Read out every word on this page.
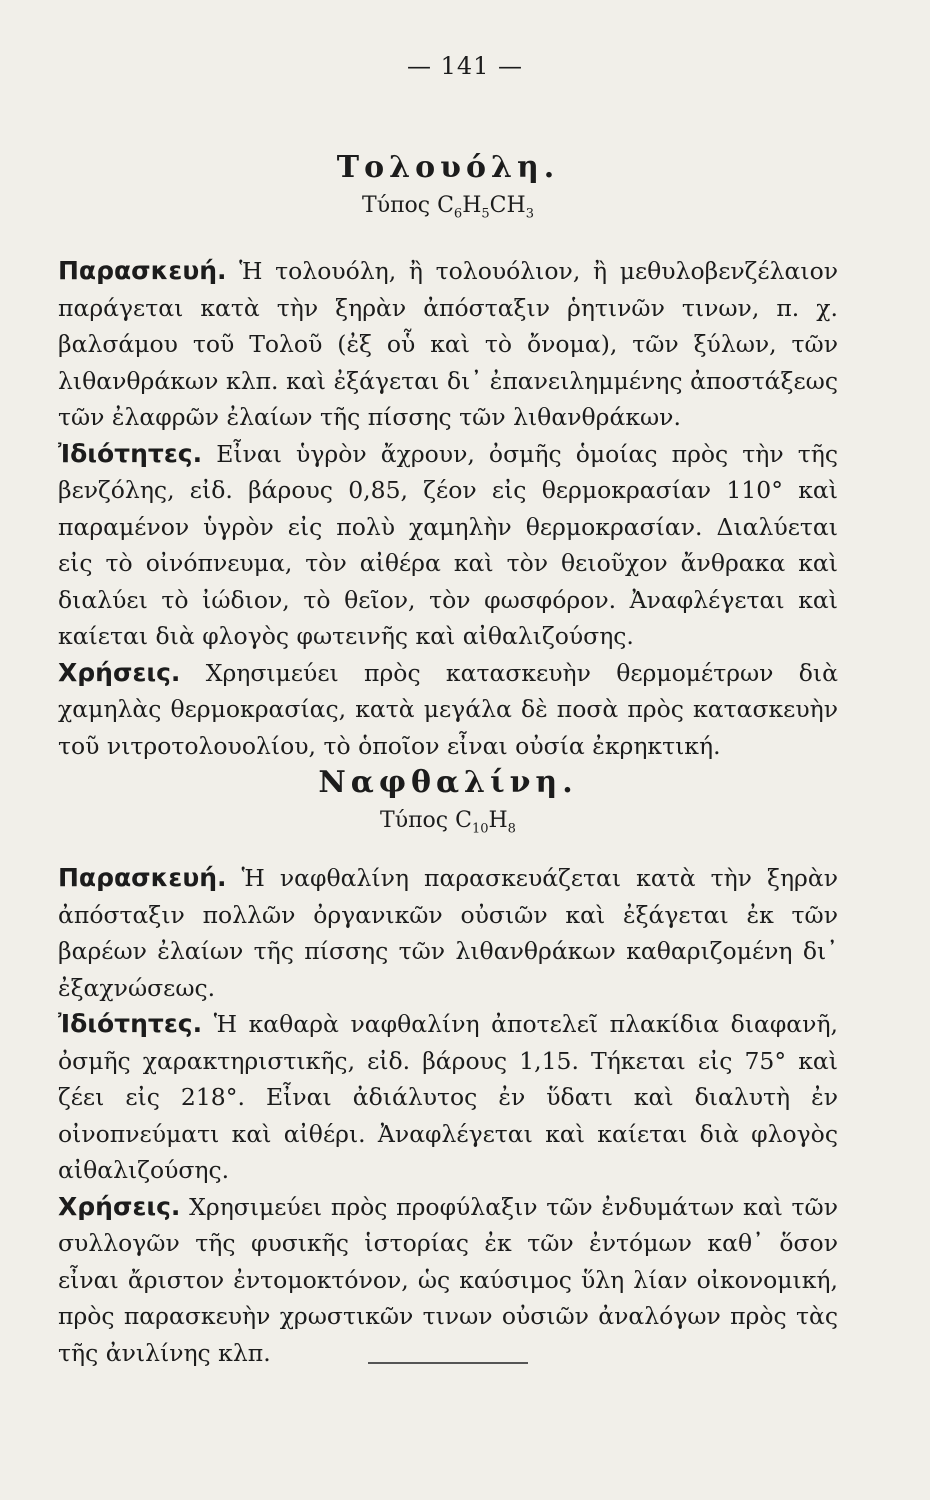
— 141 —
Τολουόλη.
Τύπος $C_6H_5CH_3$

Παρασκευή. Ἡ τολουόλη, ἢ τολουόλιον, ἢ μεθυλοβενζέλαιον παράγεται κατὰ τὴν ξηρὰν ἀπόσταξιν ῥητινῶν τινων, π. χ. βαλσάμου τοῦ Τολοῦ (ἐξ οὗ καὶ τὸ ὄνομα), τῶν ξύλων, τῶν λιθανθράκων κλπ. καὶ ἐξάγεται δι᾿ ἐπανειλημμένης ἀποστάξεως τῶν ἐλαφρῶν ἐλαίων τῆς πίσσης τῶν λιθανθράκων.

Ἰδιότητες. Εἶναι ὑγρὸν ἄχρουν, ὀσμῆς ὁμοίας πρὸς τὴν τῆς βενζόλης, εἰδ. βάρους 0,85, ζέον εἰς θερμοκρασίαν 110° καὶ παραμένον ὑγρὸν εἰς πολὺ χαμηλὴν θερμοκρασίαν. Διαλύεται εἰς τὸ οἰνόπνευμα, τὸν αἰθέρα καὶ τὸν θειοῦχον ἄνθρακα καὶ διαλύει τὸ ἰώδιον, τὸ θεῖον, τὸν φωσφόρον. Ἀναφλέγεται καὶ καίεται διὰ φλογὸς φωτεινῆς καὶ αἰθαλιζούσης.

Χρήσεις. Χρησιμεύει πρὸς κατασκευὴν θερμομέτρων διὰ χαμηλὰς θερμοκρασίας, κατὰ μεγάλα δὲ ποσὰ πρὸς κατασκευὴν τοῦ νιτροτολουολίου, τὸ ὁποῖον εἶναι οὐσία ἐκρηκτική.

Ναφθαλίνη.
Τύπος $C_{10}H_8$

Παρασκευή. Ἡ ναφθαλίνη παρασκευάζεται κατὰ τὴν ξηρὰν ἀπόσταξιν πολλῶν ὀργανικῶν οὐσιῶν καὶ ἐξάγεται ἐκ τῶν βαρέων ἐλαίων τῆς πίσσης τῶν λιθανθράκων καθαριζομένη δι᾿ ἐξαχνώσεως.

Ἰδιότητες. Ἡ καθαρὰ ναφθαλίνη ἀποτελεῖ πλακίδια διαφανῆ, ὀσμῆς χαρακτηριστικῆς, εἰδ. βάρους 1,15. Τήκεται εἰς 75° καὶ ζέει εἰς 218°. Εἶναι ἀδιάλυτος ἐν ὕδατι καὶ διαλυτὴ ἐν οἰνοπνεύματι καὶ αἰθέρι. Ἀναφλέγεται καὶ καίεται διὰ φλογὸς αἰθαλιζούσης.

Χρήσεις. Χρησιμεύει πρὸς προφύλαξιν τῶν ἐνδυμάτων καὶ τῶν συλλογῶν τῆς φυσικῆς ἱστορίας ἐκ τῶν ἐντόμων καθ᾿ ὅσον εἶναι ἄριστον ἐντομοκτόνον, ὡς καύσιμος ὕλη λίαν οἰκονομική, πρὸς παρασκευὴν χρωστικῶν τινων οὐσιῶν ἀναλόγων πρὸς τὰς τῆς ἀνιλίνης κλπ.
